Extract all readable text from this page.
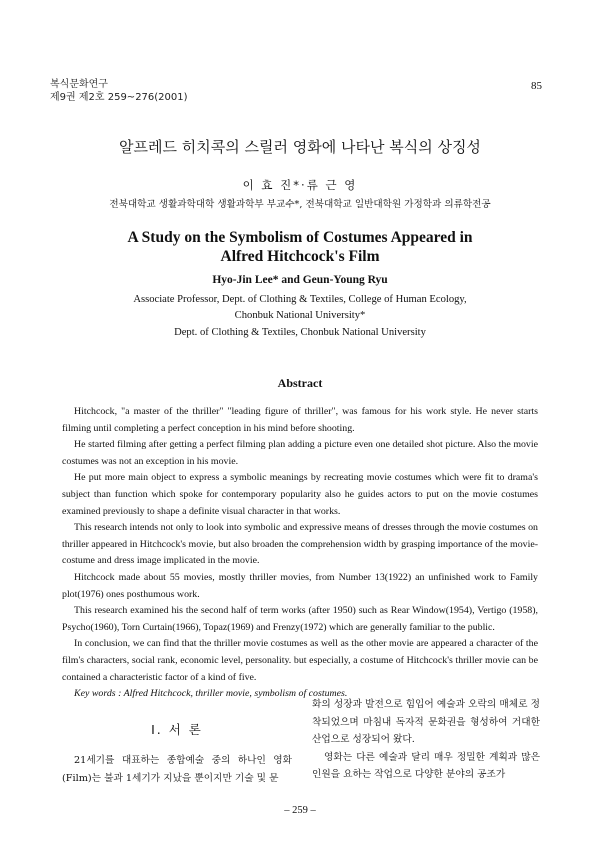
복식문화연구
제9권 제2호 259~276(2001)
85
알프레드 히치콕의 스릴러 영화에 나타난 복식의 상징성
이 효 진*·류 근 영
전북대학교 생활과학대학 생활과학부 부교수*, 전북대학교 일반대학원 가정학과 의류학전공
A Study on the Symbolism of Costumes Appeared in
Alfred Hitchcock's Film
Hyo-Jin Lee* and Geun-Young Ryu
Associate Professor, Dept. of Clothing & Textiles, College of Human Ecology,
Chonbuk National University*
Dept. of Clothing & Textiles, Chonbuk National University
Abstract

Hitchcock, "a master of the thriller" "leading figure of thriller", was famous for his work style. He never starts filming until completing a perfect conception in his mind before shooting.

He started filming after getting a perfect filming plan adding a picture even one detailed shot picture. Also the movie costumes was not an exception in his movie.

He put more main object to express a symbolic meanings by recreating movie costumes which were fit to drama's subject than function which spoke for contemporary popularity also he guides actors to put on the movie costumes examined previously to shape a definite visual character in that works.

This research intends not only to look into symbolic and expressive means of dresses through the movie costumes on thriller appeared in Hitchcock's movie, but also broaden the comprehension width by grasping importance of the movie-costume and dress image implicated in the movie.

Hitchcock made about 55 movies, mostly thriller movies, from Number 13(1922) an unfinished work to Family plot(1976) ones posthumous work.

This research examined his the second half of term works (after 1950) such as Rear Window(1954), Vertigo (1958), Psycho(1960), Torn Curtain(1966), Topaz(1969) and Frenzy(1972) which are generally familiar to the public.

In conclusion, we can find that the thriller movie costumes as well as the other movie are appeared a character of the film's characters, social rank, economic level, personality. but especially, a costume of Hitchcock's thriller movie can be contained a characteristic factor of a kind of five.

Key words : Alfred Hitchcock, thriller movie, symbolism of costumes.

I. 서 론

21세기를 대표하는 종합예술 중의 하나인 영화(Film)는 불과 1세기가 지났을 뿐이지만 기술 및 문

화의 성장과 발전으로 힘입어 예술과 오락의 매체로 정착되었으며 마침내 독자적 문화권을 형성하여 거대한 산업으로 성장되어 왔다.

영화는 다른 예술과 달리 매우 정밀한 계획과 많은 인원을 요하는 작업으로 다양한 분야의 공조가

– 259 –
